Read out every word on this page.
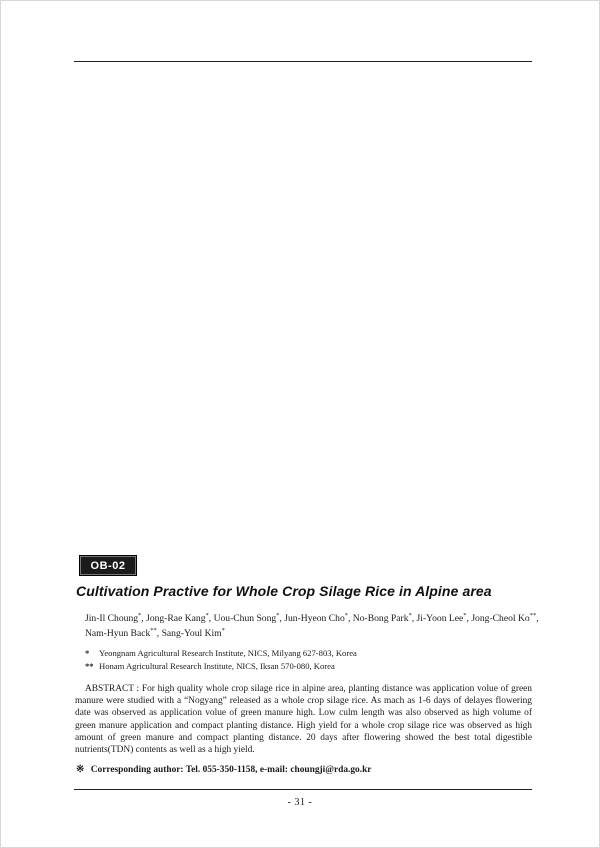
OB-02
Cultivation Practive for Whole Crop Silage Rice in Alpine area
Jin-Il Choung*, Jong-Rae Kang*, Uou-Chun Song*, Jun-Hyeon Cho*, No-Bong Park*, Ji-Yoon Lee*, Jong-Cheol Ko**, Nam-Hyun Back**, Sang-Youl Kim*
*	Yeongnam Agricultural Research Institute, NICS, Milyang 627-803, Korea
** Honam Agricultural Research Institute, NICS, Iksan 570-080, Korea
ABSTRACT : For high quality whole crop silage rice in alpine area, planting distance was application volue of green manure were studied with a “Nogyang” released as a whole crop silage rice. As mach as 1-6 days of delayes flowering date was observed as application volue of green manure high. Low culm length was also observed as high volume of green manure application and compact planting distance. High yield for a whole crop silage rice was observed as high amount of green manure and compact planting distance. 20 days after flowering showed the best total digestible nutrients(TDN) contents as well as a high yield.
※ Corresponding author: Tel. 055-350-1158, e-mail: choungji@rda.go.kr
- 31 -
